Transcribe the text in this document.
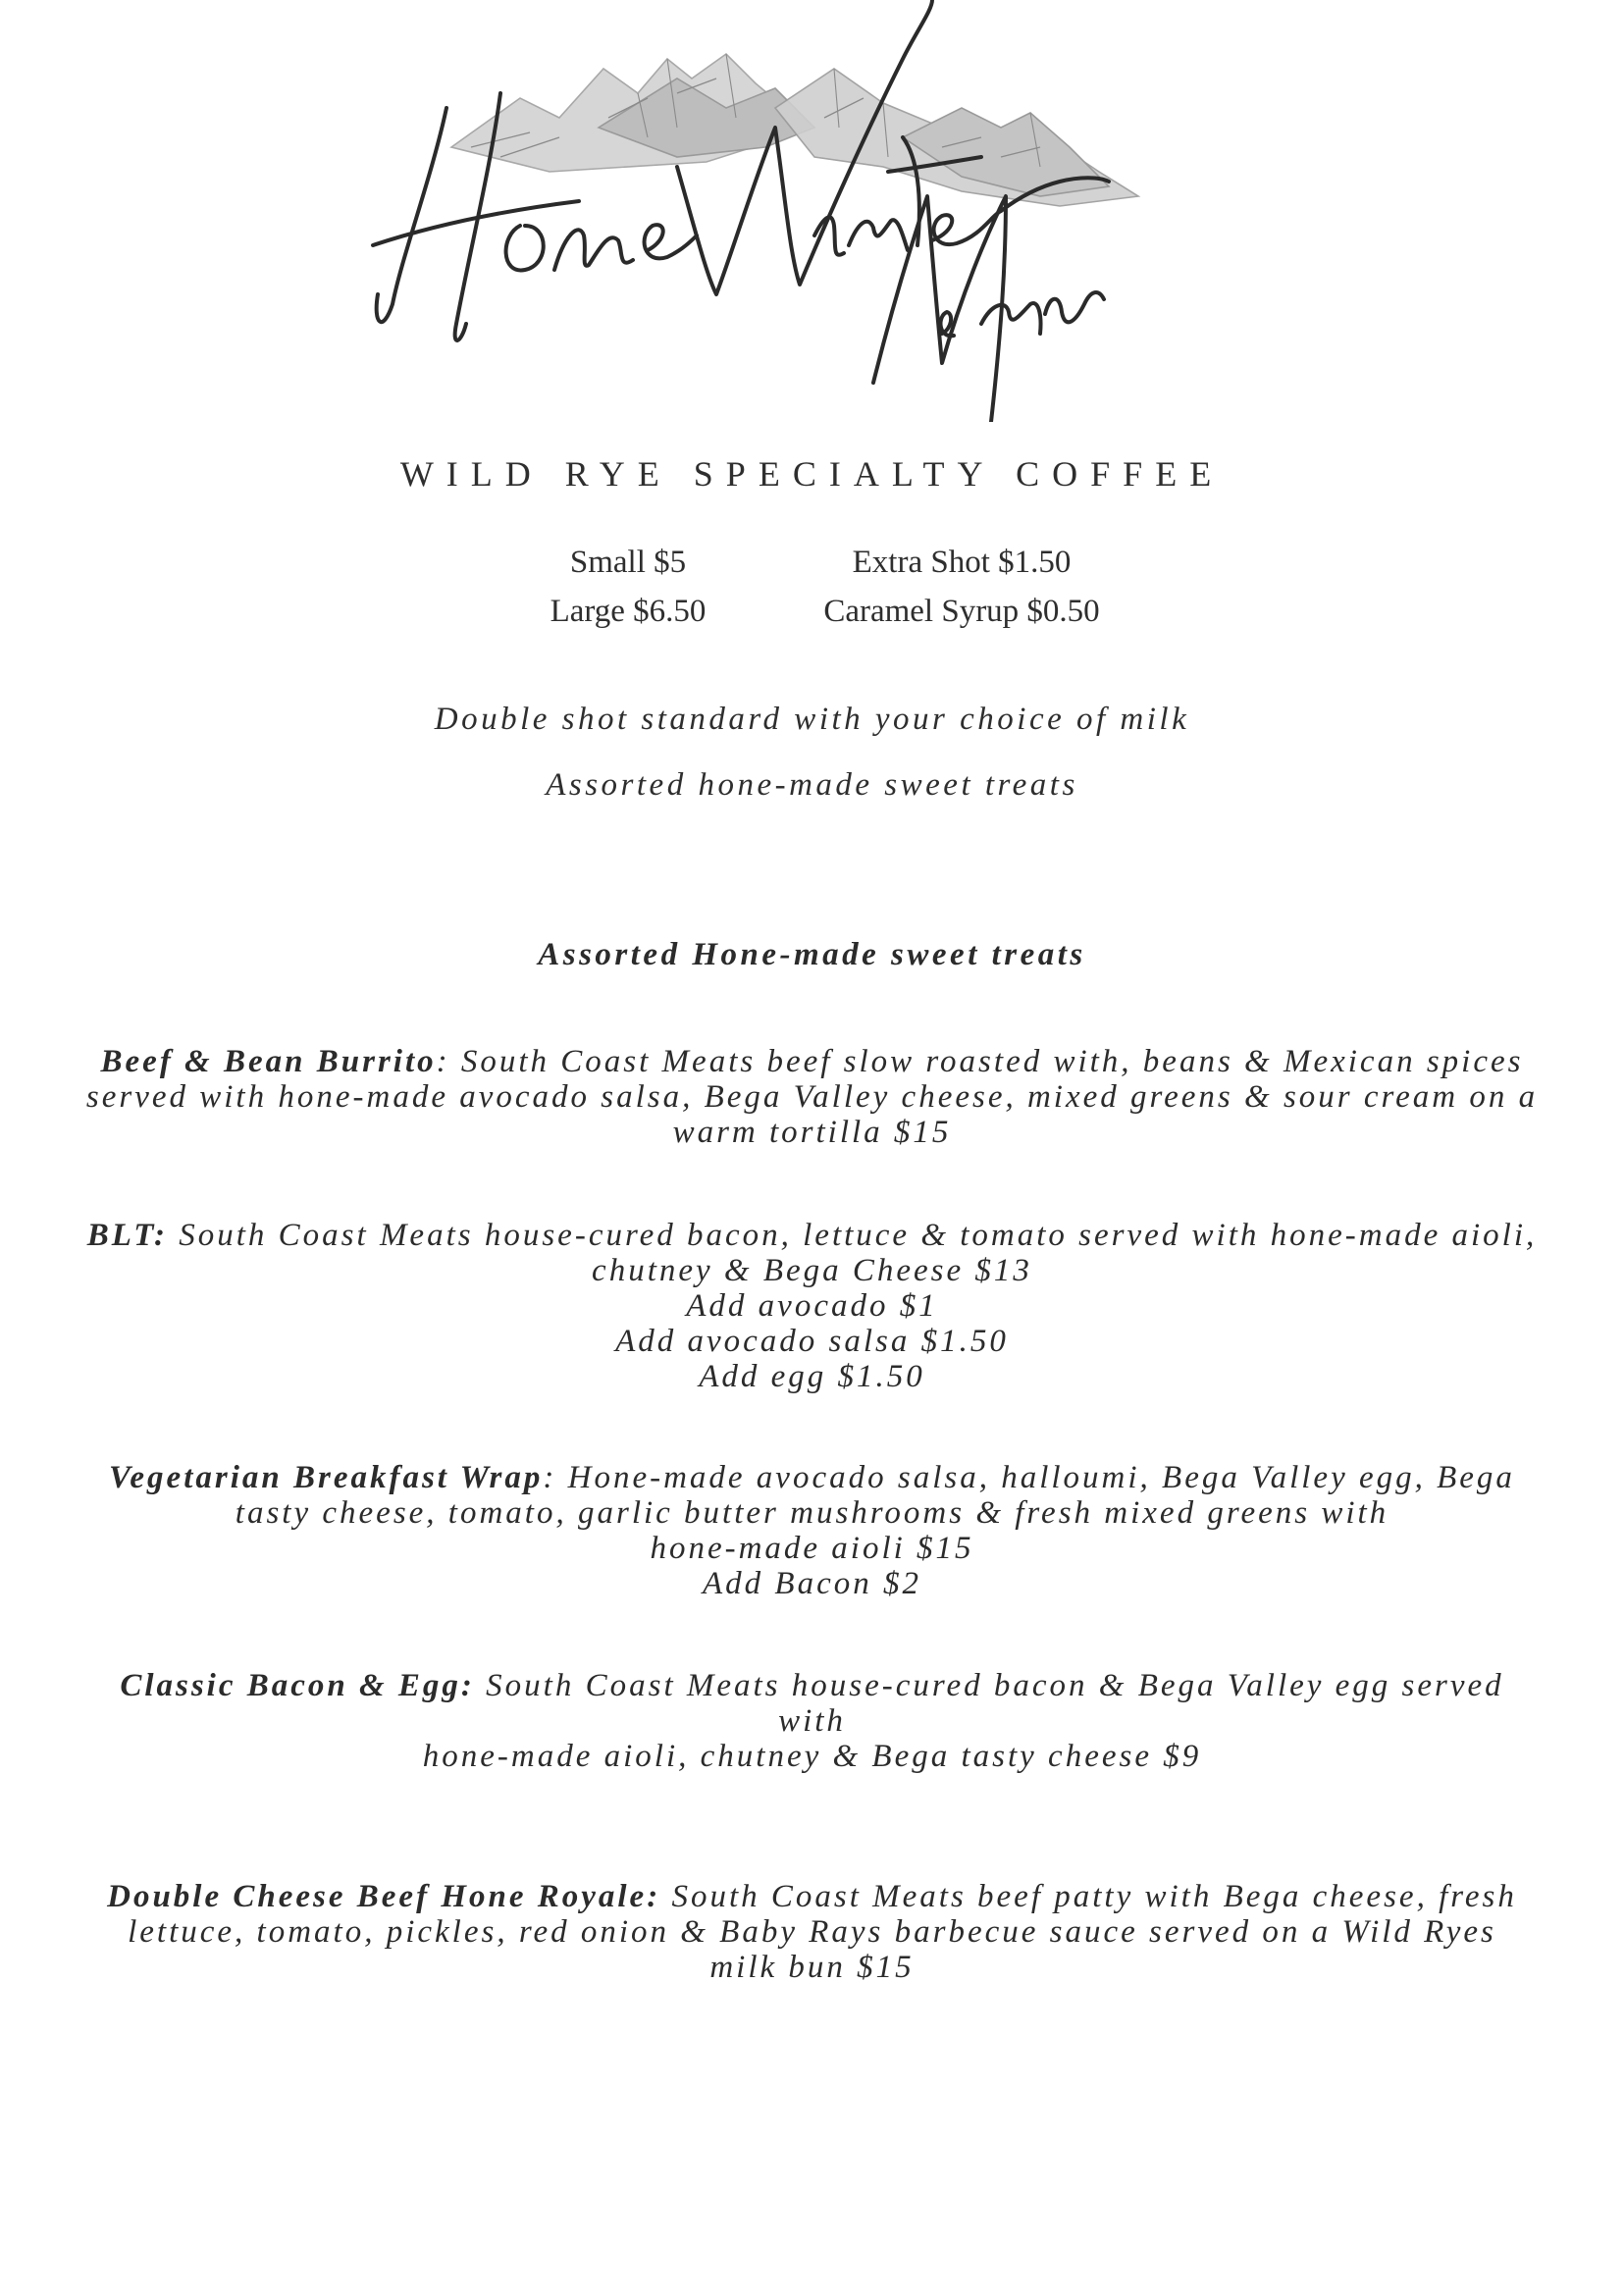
WILD RYE SPECIALTY COFFEE
Small $5
Large $6.50
Extra Shot $1.50
Caramel Syrup $0.50
Double shot standard with your choice of milk
Assorted hone-made sweet treats
Assorted Hone-made sweet treats
Beef & Bean Burrito: South Coast Meats beef slow roasted with, beans & Mexican spices
served with hone-made avocado salsa, Bega Valley cheese, mixed greens & sour cream on a
warm tortilla $15
BLT: South Coast Meats house-cured bacon, lettuce & tomato served with hone-made aioli,
chutney & Bega Cheese $13
Add avocado $1
Add avocado salsa $1.50
Add egg $1.50
Vegetarian Breakfast Wrap: Hone-made avocado salsa, halloumi, Bega Valley egg, Bega
tasty cheese, tomato, garlic butter mushrooms & fresh mixed greens with
hone-made aioli $15
Add Bacon $2
Classic Bacon & Egg: South Coast Meats house-cured bacon & Bega Valley egg served
with
hone-made aioli, chutney & Bega tasty cheese $9
Double Cheese Beef Hone Royale: South Coast Meats beef patty with Bega cheese, fresh
lettuce, tomato, pickles, red onion & Baby Rays barbecue sauce served on a Wild Ryes
milk bun $15
